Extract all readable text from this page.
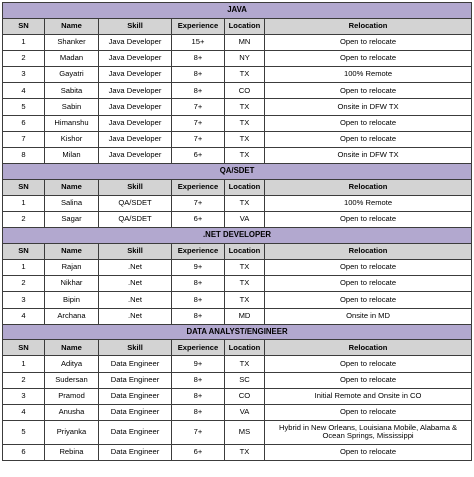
JAVA					
SN	Name	Skill	Experience	Location	Relocation
1	Shanker	Java Developer	15+	MN	Open to relocate
2	Madan	Java Developer	8+	NY	Open to relocate
3	Gayatri	Java Developer	8+	TX	100% Remote
4	Sabita	Java Developer	8+	CO	Open to relocate
5	Sabin	Java Developer	7+	TX	Onsite in DFW TX
6	Himanshu	Java Developer	7+	TX	Open to relocate
7	Kishor	Java Developer	7+	TX	Open to relocate
8	Milan	Java Developer	6+	TX	Onsite in DFW TX
QA/SDET					
SN	Name	Skill	Experience	Location	Relocation
1	Salina	QA/SDET	7+	TX	100% Remote
2	Sagar	QA/SDET	6+	VA	Open to relocate
.NET DEVELOPER					
SN	Name	Skill	Experience	Location	Relocation
1	Rajan	.Net	9+	TX	Open to relocate
2	Nikhar	.Net	8+	TX	Open to relocate
3	Bipin	.Net	8+	TX	Open to relocate
4	Archana	.Net	8+	MD	Onsite in MD
DATA ANALYST/ENGINEER					
SN	Name	Skill	Experience	Location	Relocation
1	Aditya	Data Engineer	9+	TX	Open to relocate
2	Sudersan	Data Engineer	8+	SC	Open to relocate
3	Pramod	Data Engineer	8+	CO	Initial Remote and Onsite in CO
4	Anusha	Data Engineer	8+	VA	Open to relocate
5	Priyanka	Data Engineer	7+	MS	Hybrid in New Orleans, Louisiana Mobile, Alabama & Ocean Springs, Mississippi
6	Rebina	Data Engineer	6+	TX	Open to relocate
